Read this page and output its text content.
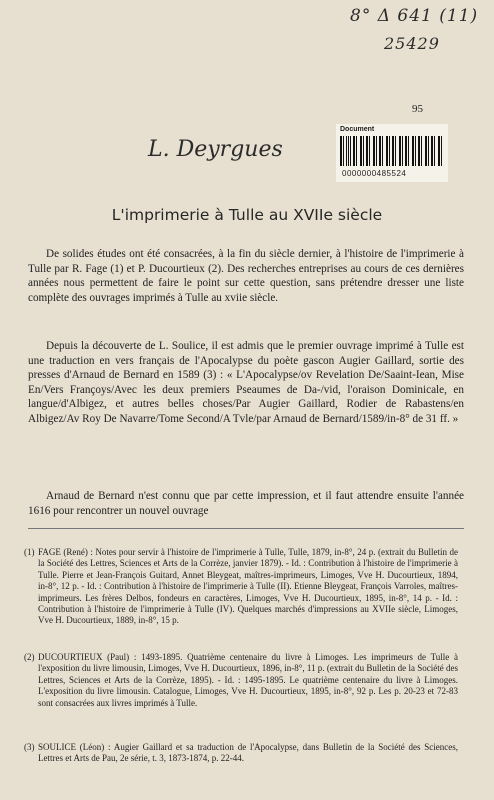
8° Δ 641 (11)
25429
95
Document
0000000485524
L. Deyrgues
L'imprimerie à Tulle au XVIIe siècle

De solides études ont été consacrées, à la fin du siècle dernier, à l'histoire de l'imprimerie à Tulle par R. Fage (1) et P. Ducourtieux (2). Des recherches entreprises au cours de ces dernières années nous permettent de faire le point sur cette question, sans prétendre dresser une liste complète des ouvrages imprimés à Tulle au xviie siècle.

Depuis la découverte de L. Soulice, il est admis que le premier ouvrage imprimé à Tulle est une traduction en vers français de l'Apocalypse du poète gascon Augier Gaillard, sortie des presses d'Arnaud de Bernard en 1589 (3) : « L'Apocalypse/ov Revelation De/Saaint-Iean, Mise En/Vers Françoys/Avec les deux premiers Pseaumes de Da-/vid, l'oraison Dominicale, en langue/d'Albigez, et autres belles choses/Par Augier Gaillard, Rodier de Rabastens/en Albigez/Av Roy De Navarre/Tome Second/A Tvle/par Arnaud de Bernard/1589/in-8° de 31 ff. »

Arnaud de Bernard n'est connu que par cette impression, et il faut attendre ensuite l'année 1616 pour rencontrer un nouvel ouvrage

(1) FAGE (René) : Notes pour servir à l'histoire de l'imprimerie à Tulle, Tulle, 1879, in-8°, 24 p. (extrait du Bulletin de la Société des Lettres, Sciences et Arts de la Corrèze, janvier 1879). - Id. : Contribution à l'histoire de l'imprimerie à Tulle. Pierre et Jean-François Guitard, Annet Bleygeat, maîtres-imprimeurs, Limoges, Vve H. Ducourtieux, 1894, in-8°, 12 p. - Id. : Contribution à l'histoire de l'imprimerie à Tulle (II). Etienne Bleygeat, François Varroles, maîtres-imprimeurs. Les frères Delbos, fondeurs en caractères, Limoges, Vve H. Ducourtieux, 1895, in-8°, 14 p. - Id. : Contribution à l'histoire de l'imprimerie à Tulle (IV). Quelques marchés d'impressions au XVIIe siècle, Limoges, Vve H. Ducourtieux, 1889, in-8°, 15 p.
(2) DUCOURTIEUX (Paul) : 1493-1895. Quatrième centenaire du livre à Limoges. Les imprimeurs de Tulle à l'exposition du livre limousin, Limoges, Vve H. Ducourtieux, 1896, in-8°, 11 p. (extrait du Bulletin de la Société des Lettres, Sciences et Arts de la Corrèze, 1895). - Id. : 1495-1895. Le quatrième centenaire du livre à Limoges. L'exposition du livre limousin. Catalogue, Limoges, Vve H. Ducourtieux, 1895, in-8°, 92 p. Les p. 20-23 et 72-83 sont consacrées aux livres imprimés à Tulle.
(3) SOULICE (Léon) : Augier Gaillard et sa traduction de l'Apocalypse, dans Bulletin de la Société des Sciences, Lettres et Arts de Pau, 2e série, t. 3, 1873-1874, p. 22-44.
